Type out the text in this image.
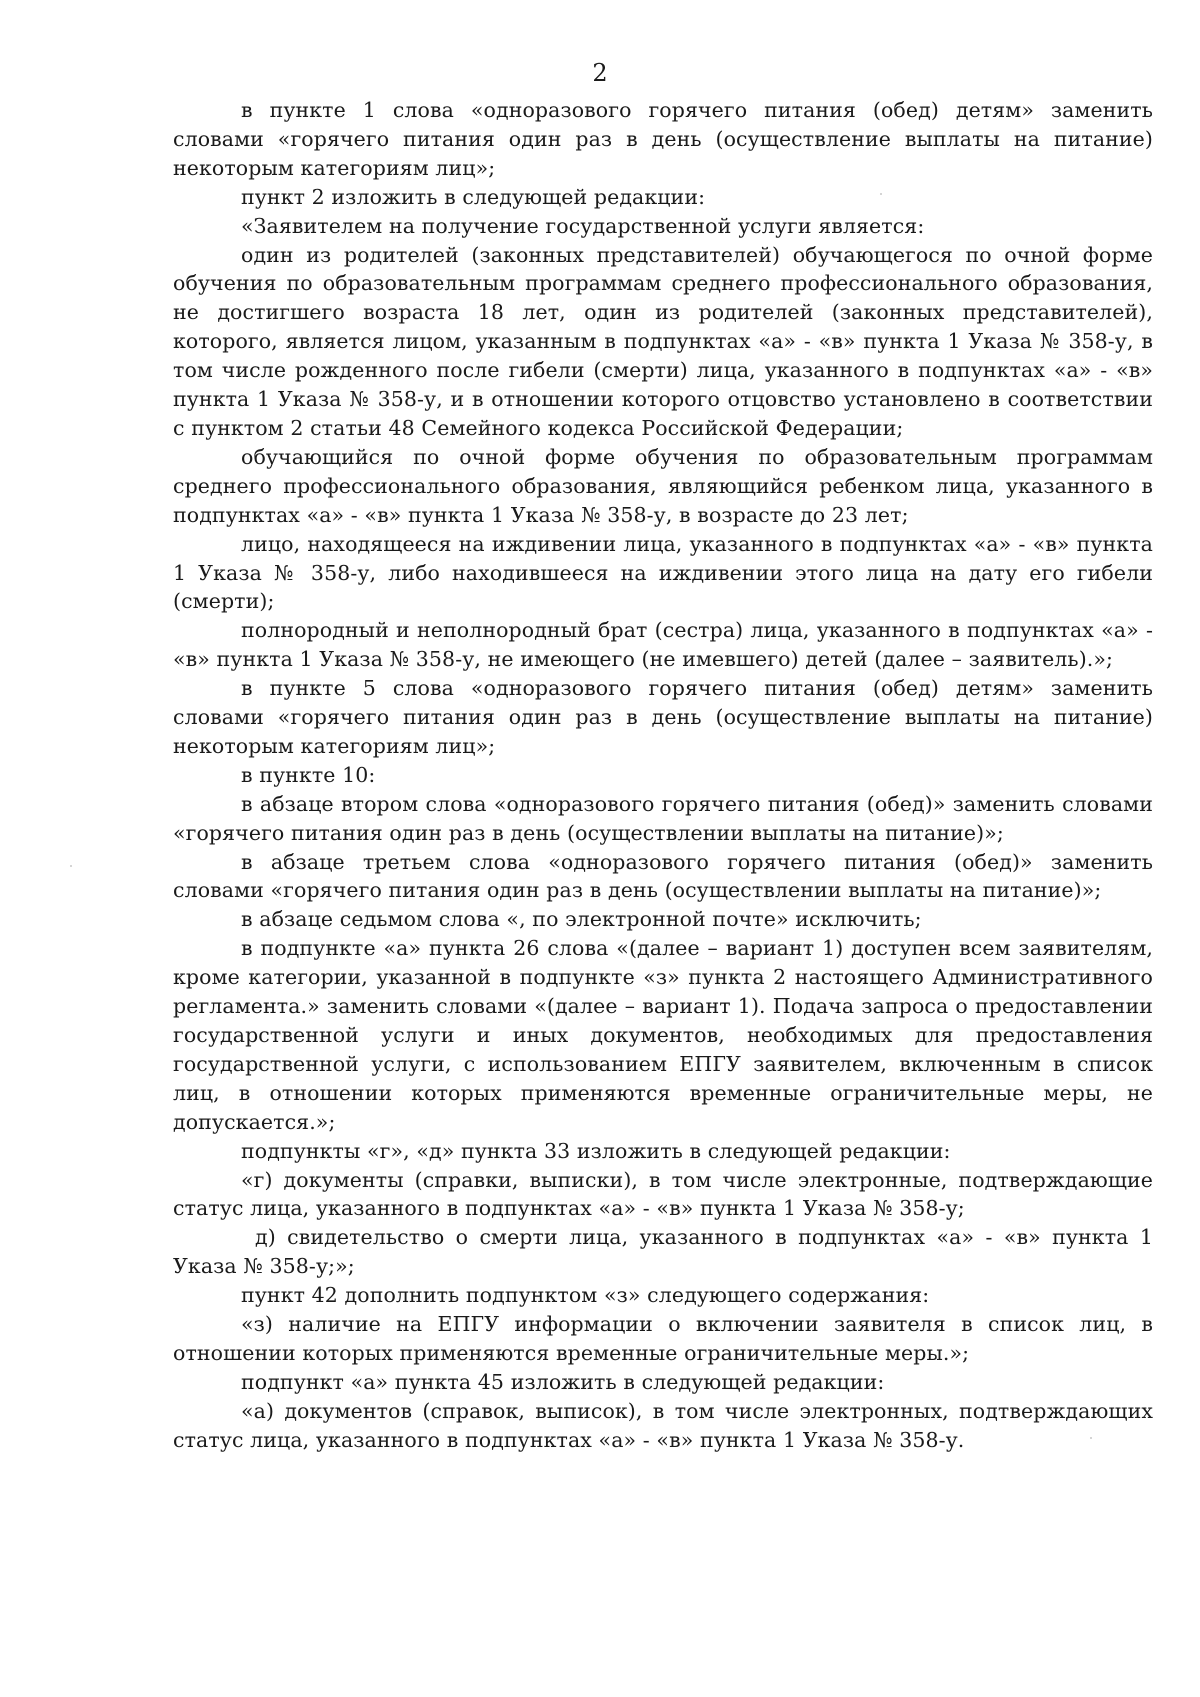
2

в пункте 1 слова «одноразового горячего питания (обед) детям» заменить словами «горячего питания один раз в день (осуществление выплаты на питание) некоторым категориям лиц»;

пункт 2 изложить в следующей редакции:

«Заявителем на получение государственной услуги является:

один из родителей (законных представителей) обучающегося по очной форме обучения по образовательным программам среднего профессионального образования, не достигшего возраста 18 лет, один из родителей (законных представителей), которого, является лицом, указанным в подпунктах «а» - «в» пункта 1 Указа № 358-у, в том числе рожденного после гибели (смерти) лица, указанного в подпунктах «а» - «в» пункта 1 Указа № 358-у, и в отношении которого отцовство установлено в соответствии с пунктом 2 статьи 48 Семейного кодекса Российской Федерации;

обучающийся по очной форме обучения по образовательным программам среднего профессионального образования, являющийся ребенком лица, указанного в подпунктах «а» - «в» пункта 1 Указа № 358-у, в возрасте до 23 лет;

лицо, находящееся на иждивении лица, указанного в подпунктах «а» - «в» пункта 1 Указа № 358-у, либо находившееся на иждивении этого лица на дату его гибели (смерти);

полнородный и неполнородный брат (сестра) лица, указанного в подпунктах «а» - «в» пункта 1 Указа № 358-у, не имеющего (не имевшего) детей (далее – заявитель).»;

в пункте 5 слова «одноразового горячего питания (обед) детям» заменить словами «горячего питания один раз в день (осуществление выплаты на питание) некоторым категориям лиц»;

в пункте 10:

в абзаце втором слова «одноразового горячего питания (обед)» заменить словами «горячего питания один раз в день (осуществлении выплаты на питание)»;

в абзаце третьем слова «одноразового горячего питания (обед)» заменить словами «горячего питания один раз в день (осуществлении выплаты на питание)»;

в абзаце седьмом слова «, по электронной почте» исключить;

в подпункте «а» пункта 26 слова «(далее – вариант 1) доступен всем заявителям, кроме категории, указанной в подпункте «з» пункта 2 настоящего Административного регламента.» заменить словами «(далее – вариант 1). Подача запроса о предоставлении государственной услуги и иных документов, необходимых для предоставления государственной услуги, с использованием ЕПГУ заявителем, включенным в список лиц, в отношении которых применяются временные ограничительные меры, не допускается.»;

подпункты «г», «д» пункта 33 изложить в следующей редакции:

«г) документы (справки, выписки), в том числе электронные, подтверждающие статус лица, указанного в подпунктах «а» - «в» пункта 1 Указа № 358-у;

д) свидетельство о смерти лица, указанного в подпунктах «а» - «в» пункта 1 Указа № 358-у;»;

пункт 42 дополнить подпунктом «з» следующего содержания:

«з) наличие на ЕПГУ информации о включении заявителя в список лиц, в отношении которых применяются временные ограничительные меры.»;

подпункт «а» пункта 45 изложить в следующей редакции:

«а) документов (справок, выписок), в том числе электронных, подтверждающих статус лица, указанного в подпунктах «а» - «в» пункта 1 Указа № 358-у.
